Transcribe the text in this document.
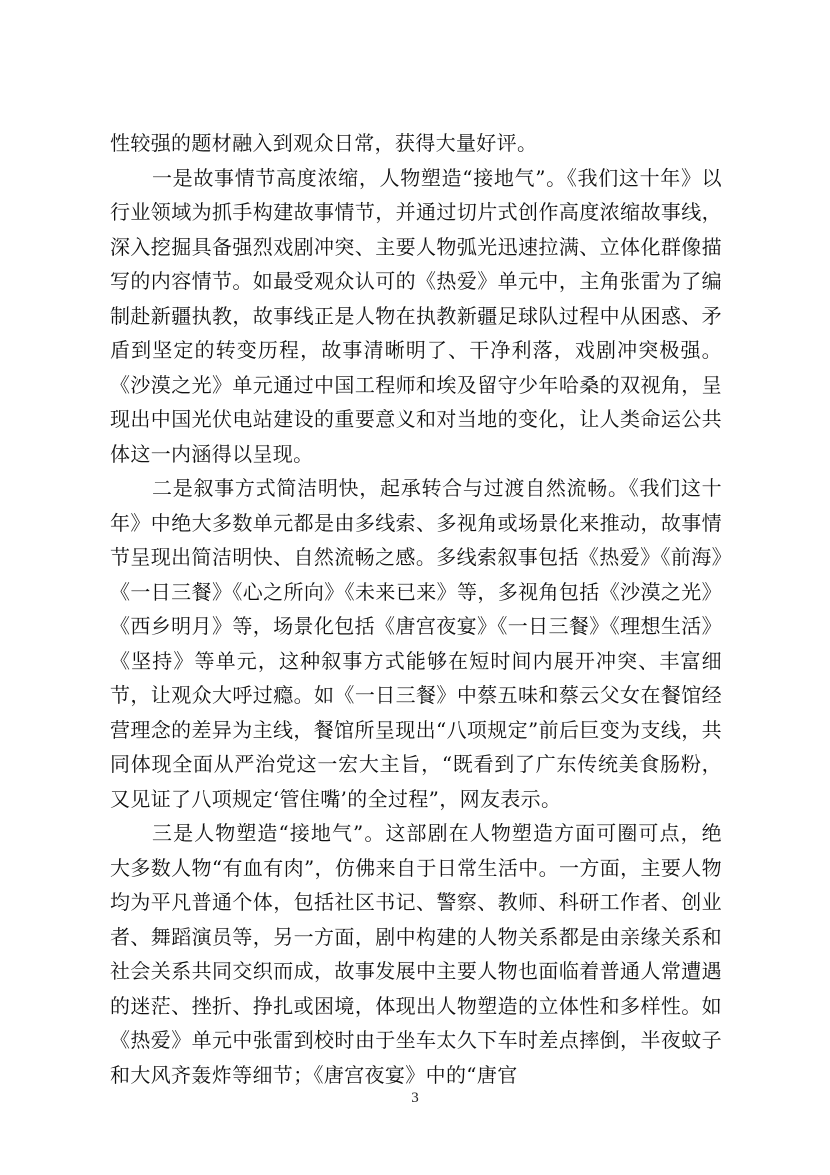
性较强的题材融入到观众日常，获得大量好评。

一是故事情节高度浓缩，人物塑造“接地气”。《我们这十年》以行业领域为抓手构建故事情节，并通过切片式创作高度浓缩故事线，深入挖掘具备强烈戏剧冲突、主要人物弧光迅速拉满、立体化群像描写的内容情节。如最受观众认可的《热爱》单元中，主角张雷为了编制赴新疆执教，故事线正是人物在执教新疆足球队过程中从困惑、矛盾到坚定的转变历程，故事清晰明了、干净利落，戏剧冲突极强。《沙漠之光》单元通过中国工程师和埃及留守少年哈桑的双视角，呈现出中国光伏电站建设的重要意义和对当地的变化，让人类命运公共体这一内涵得以呈现。

二是叙事方式简洁明快，起承转合与过渡自然流畅。《我们这十年》中绝大多数单元都是由多线索、多视角或场景化来推动，故事情节呈现出简洁明快、自然流畅之感。多线索叙事包括《热爱》《前海》《一日三餐》《心之所向》《未来已来》等，多视角包括《沙漠之光》《西乡明月》等，场景化包括《唐宫夜宴》《一日三餐》《理想生活》《坚持》等单元，这种叙事方式能够在短时间内展开冲突、丰富细节，让观众大呼过瘾。如《一日三餐》中蔡五味和蔡云父女在餐馆经营理念的差异为主线，餐馆所呈现出“八项规定”前后巨变为支线，共同体现全面从严治党这一宏大主旨，“既看到了广东传统美食肠粉，又见证了八项规定‘管住嘴’的全过程”，网友表示。

三是人物塑造“接地气”。这部剧在人物塑造方面可圈可点，绝大多数人物“有血有肉”，仿佛来自于日常生活中。一方面，主要人物均为平凡普通个体，包括社区书记、警察、教师、科研工作者、创业者、舞蹈演员等，另一方面，剧中构建的人物关系都是由亲缘关系和社会关系共同交织而成，故事发展中主要人物也面临着普通人常遭遇的迷茫、挫折、挣扎或困境，体现出人物塑造的立体性和多样性。如《热爱》单元中张雷到校时由于坐车太久下车时差点摔倒，半夜蚊子和大风齐轰炸等细节；《唐宫夜宴》中的“唐官

3
